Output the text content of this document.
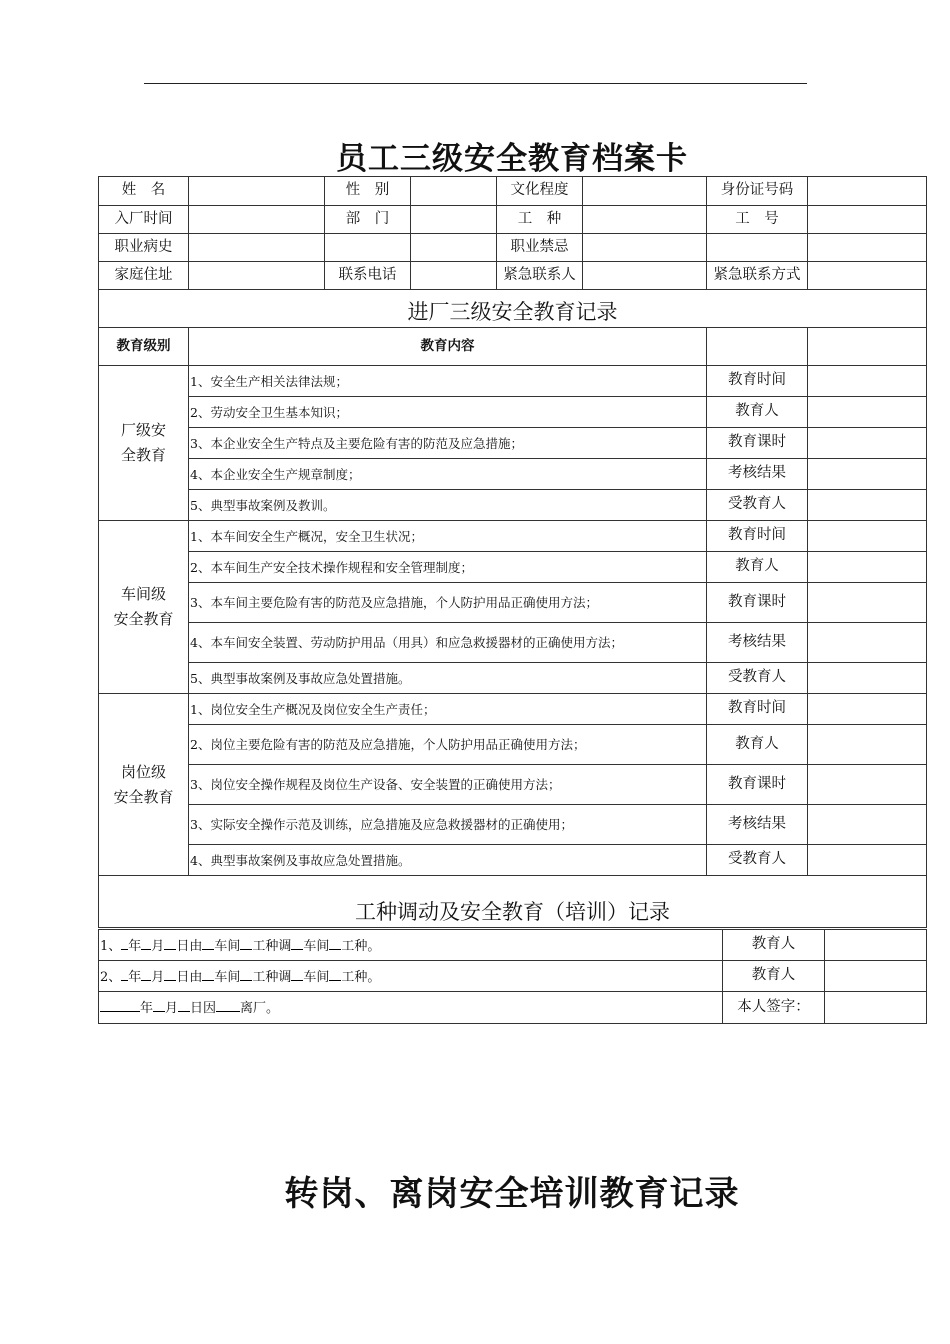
员工三级安全教育档案卡
姓　名		性　别		文化程度		身份证号码	
入厂时间		部　门		工　种		工　号	
职业病史				职业禁忌			
家庭住址		联系电话		紧急联系人		紧急联系方式	
进厂三级安全教育记录							
教育级别	教育内容						
厂级安
全教育	1、安全生产相关法律法规；					教育时间	
	2、劳动安全卫生基本知识；					教育人	
	3、本企业安全生产特点及主要危险有害的防范及应急措施；					教育课时	
	4、本企业安全生产规章制度；					考核结果	
	5、典型事故案例及教训。					受教育人	
车间级
安全教育	1、本车间安全生产概况，安全卫生状况；					教育时间	
	2、本车间生产安全技术操作规程和安全管理制度；					教育人	
	3、本车间主要危险有害的防范及应急措施，个人防护用品正确使用方法；					教育课时	
	4、本车间安全装置、劳动防护用品（用具）和应急救援器材的正确使用方法；					考核结果	
	5、典型事故案例及事故应急处置措施。					受教育人	
岗位级
安全教育	1、岗位安全生产概况及岗位安全生产责任；					教育时间	
	2、岗位主要危险有害的防范及应急措施，个人防护用品正确使用方法；					教育人	
	3、岗位安全操作规程及岗位生产设备、安全装置的正确使用方法；					教育课时	
	3、实际安全操作示范及训练，应急措施及应急救援器材的正确使用；					考核结果	
	4、典型事故案例及事故应急处置措施。					受教育人	
工种调动及安全教育（培训）记录							
1、 年 月 日由 车间 工种调 车间 工种。	教育人	
2、 年 月 日由 车间 工种调 车间 工种。	教育人	
年 月 日因 离厂。	本人签字：	
转岗、离岗安全培训教育记录
